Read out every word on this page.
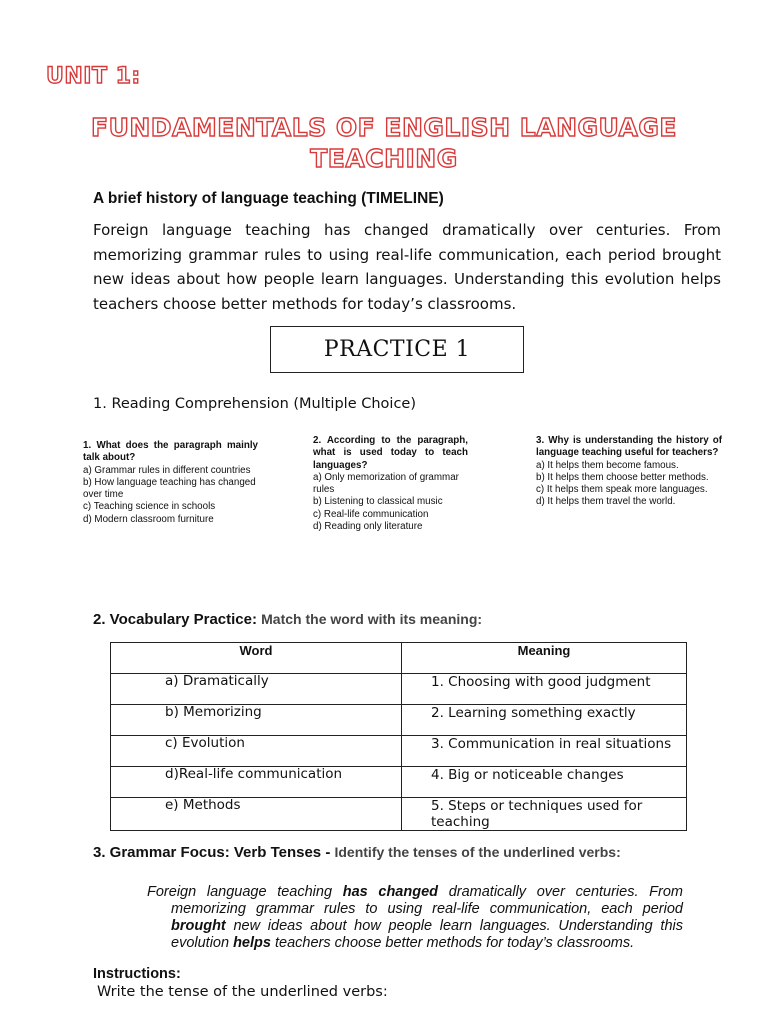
UNIT 1:
FUNDAMENTALS OF ENGLISH LANGUAGE
TEACHING
A brief history of language teaching (TIMELINE)
Foreign language teaching has changed dramatically over centuries. From memorizing grammar rules to using real-life communication, each period brought new ideas about how people learn languages. Understanding this evolution helps teachers choose better methods for today’s classrooms.
PRACTICE 1
1. Reading Comprehension (Multiple Choice)
1. What does the paragraph mainly talk about?
a) Grammar rules in different countries
b) How language teaching has changed over time
c) Teaching science in schools
d) Modern classroom furniture
2. According to the paragraph, what is used today to teach languages?
a) Only memorization of grammar rules
b) Listening to classical music
c) Real-life communication
d) Reading only literature
3. Why is understanding the history of language teaching useful for teachers?
a) It helps them become famous.
b) It helps them choose better methods.
c) It helps them speak more languages.
d) It helps them travel the world.
2. Vocabulary Practice: Match the word with its meaning:
Word	Meaning
a) Dramatically	1. Choosing with good judgment
b) Memorizing	2. Learning something exactly
c) Evolution	3. Communication in real situations
d)Real-life communication	4. Big or noticeable changes
e) Methods	5. Steps or techniques used for teaching
3. Grammar Focus: Verb Tenses - Identify the tenses of the underlined verbs:
Foreign language teaching has changed dramatically over centuries. From
memorizing grammar rules to using real-life communication, each period
brought new ideas about how people learn languages. Understanding this
evolution helps teachers choose better methods for today’s classrooms.
Instructions:
Write the tense of the underlined verbs:
